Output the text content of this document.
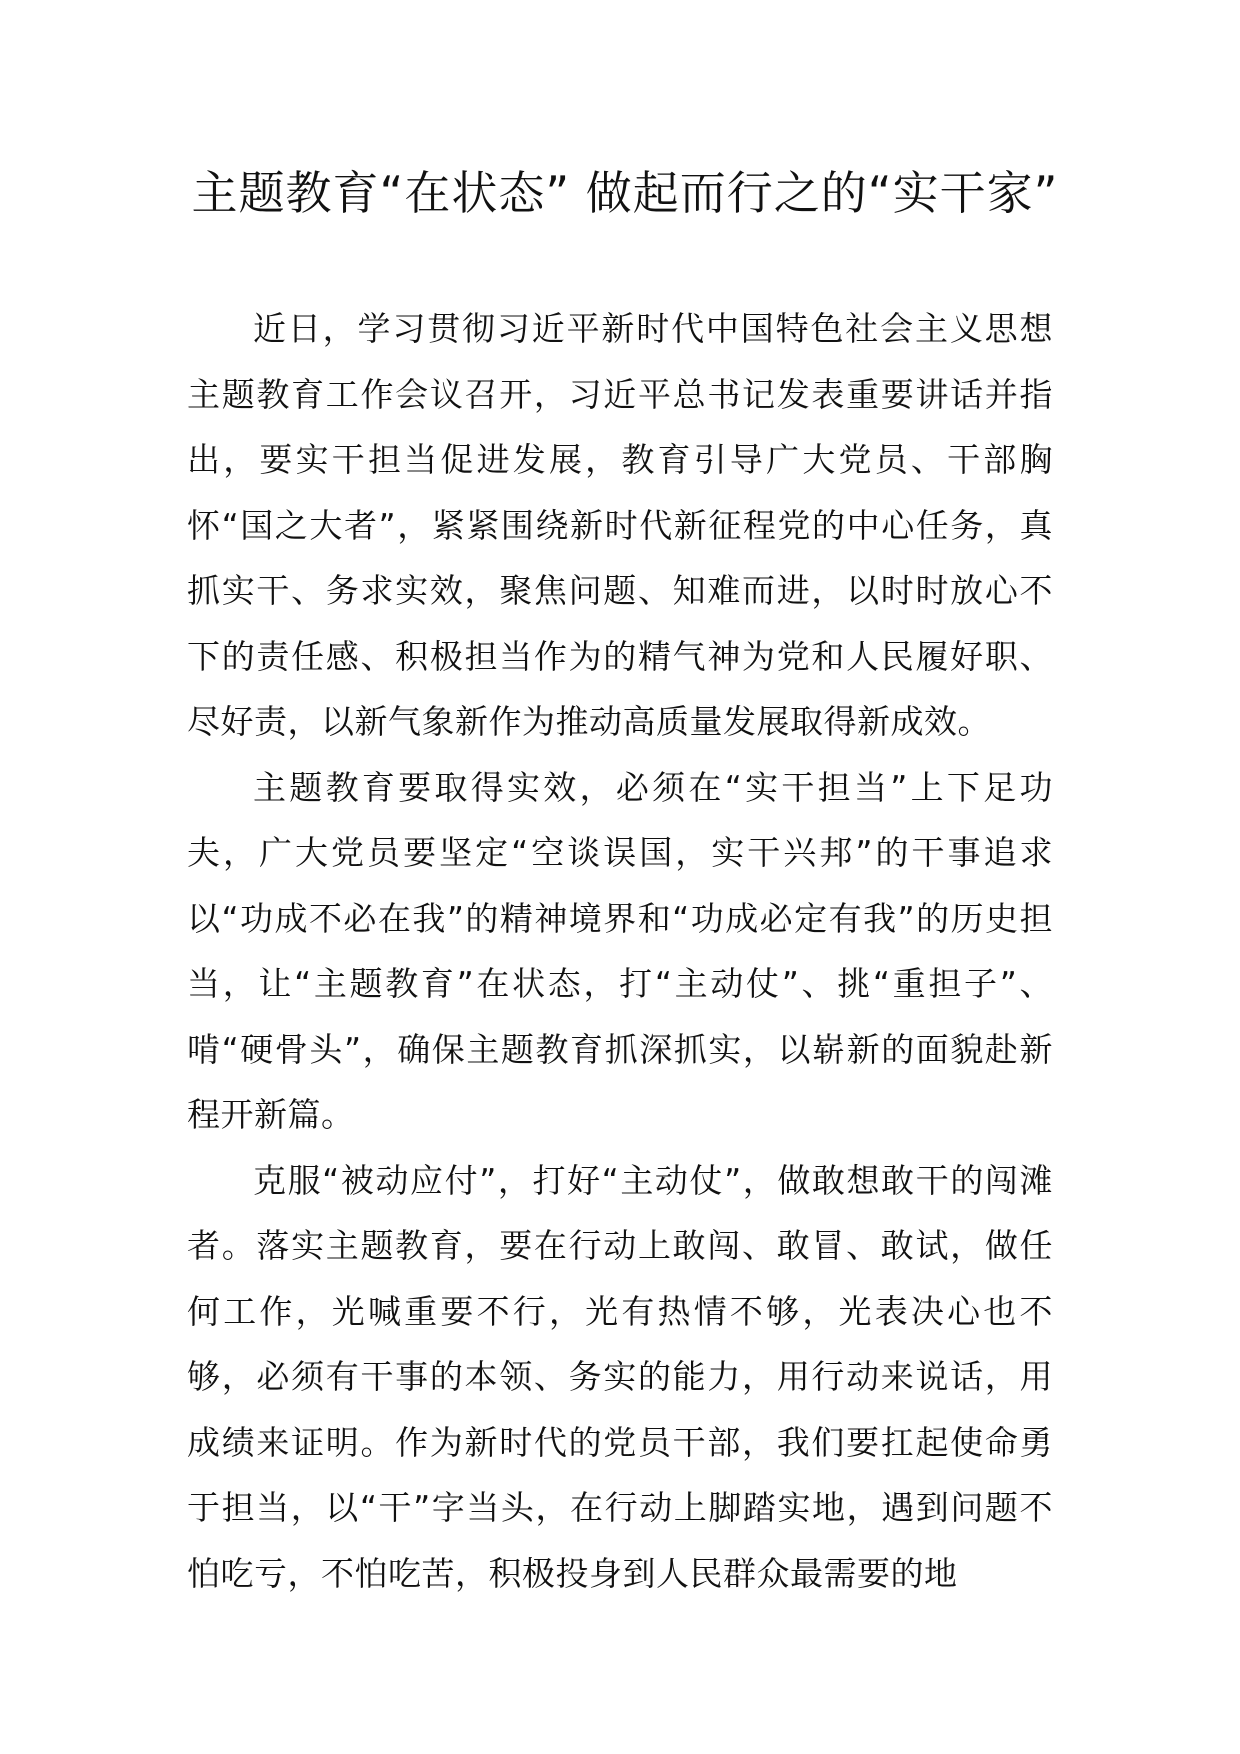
主题教育“在状态” 做起而行之的“实干家”

近日，学习贯彻习近平新时代中国特色社会主义思想主题教育工作会议召开，习近平总书记发表重要讲话并指出，要实干担当促进发展，教育引导广大党员、干部胸怀“国之大者”，紧紧围绕新时代新征程党的中心任务，真抓实干、务求实效，聚焦问题、知难而进，以时时放心不下的责任感、积极担当作为的精气神为党和人民履好职、尽好责，以新气象新作为推动高质量发展取得新成效。

主题教育要取得实效，必须在“实干担当”上下足功夫，广大党员要坚定“空谈误国，实干兴邦”的干事追求以“功成不必在我”的精神境界和“功成必定有我”的历史担当，让“主题教育”在状态，打“主动仗”、挑“重担子”、啃“硬骨头”，确保主题教育抓深抓实，以崭新的面貌赴新程开新篇。

克服“被动应付”，打好“主动仗”，做敢想敢干的闯滩者。落实主题教育，要在行动上敢闯、敢冒、敢试，做任何工作，光喊重要不行，光有热情不够，光表决心也不够，必须有干事的本领、务实的能力，用行动来说话，用成绩来证明。作为新时代的党员干部，我们要扛起使命勇于担当，以“干”字当头，在行动上脚踏实地，遇到问题不怕吃亏，不怕吃苦，积极投身到人民群众最需要的地
